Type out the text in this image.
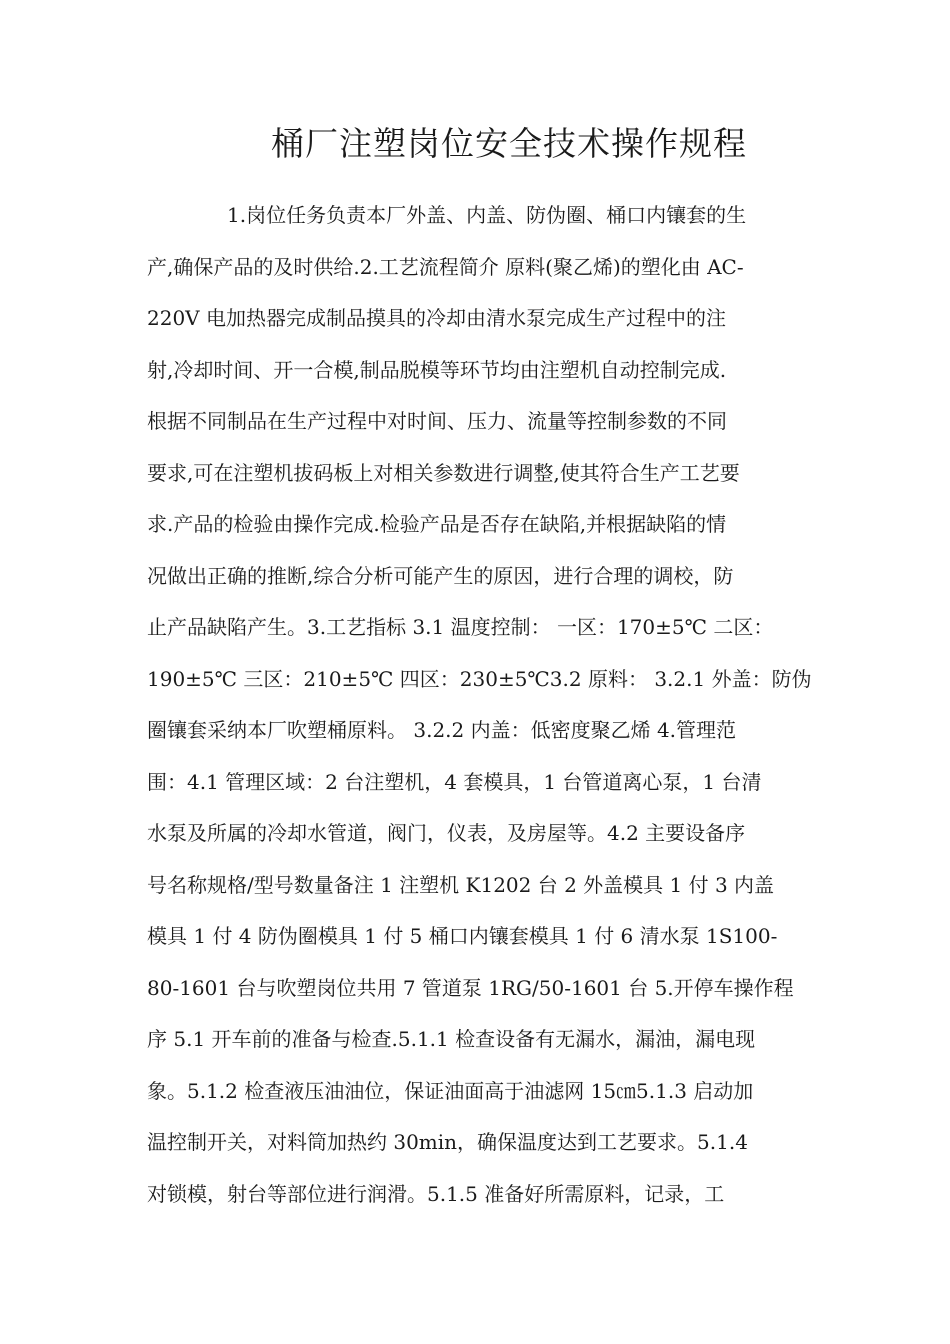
桶厂注塑岗位安全技术操作规程
1.岗位任务负责本厂外盖、内盖、防伪圈、桶口内镶套的生
产,确保产品的及时供给.2.工艺流程简介 原料(聚乙烯)的塑化由 AC-
220V 电加热器完成制品摸具的冷却由清水泵完成生产过程中的注
射,冷却时间、开一合模,制品脱模等环节均由注塑机自动控制完成.
根据不同制品在生产过程中对时间、压力、流量等控制参数的不同
要求,可在注塑机拔码板上对相关参数进行调整,使其符合生产工艺要
求.产品的检验由操作完成.检验产品是否存在缺陷,并根据缺陷的情
况做出正确的推断,综合分析可能产生的原因，进行合理的调校，防
止产品缺陷产生。3.工艺指标 3.1 温度控制： 一区：170±5℃ 二区：
190±5℃ 三区：210±5℃ 四区：230±5℃3.2 原料： 3.2.1 外盖：防伪
圈镶套采纳本厂吹塑桶原料。 3.2.2 内盖：低密度聚乙烯 4.管理范
围：4.1 管理区域：2 台注塑机，4 套模具，1 台管道离心泵，1 台清
水泵及所属的冷却水管道，阀门，仪表，及房屋等。4.2 主要设备序
号名称规格/型号数量备注 1 注塑机 K1202 台 2 外盖模具 1 付 3 内盖
模具 1 付 4 防伪圈模具 1 付 5 桶口内镶套模具 1 付 6 清水泵 1S100-
80-1601 台与吹塑岗位共用 7 管道泵 1RG/50-1601 台 5.开停车操作程
序 5.1 开车前的准备与检查.5.1.1 检查设备有无漏水，漏油，漏电现
象。5.1.2 检查液压油油位，保证油面高于油滤网 15㎝5.1.3 启动加
温控制开关，对料筒加热约 30min，确保温度达到工艺要求。5.1.4
对锁模，射台等部位进行润滑。5.1.5 准备好所需原料，记录，工
